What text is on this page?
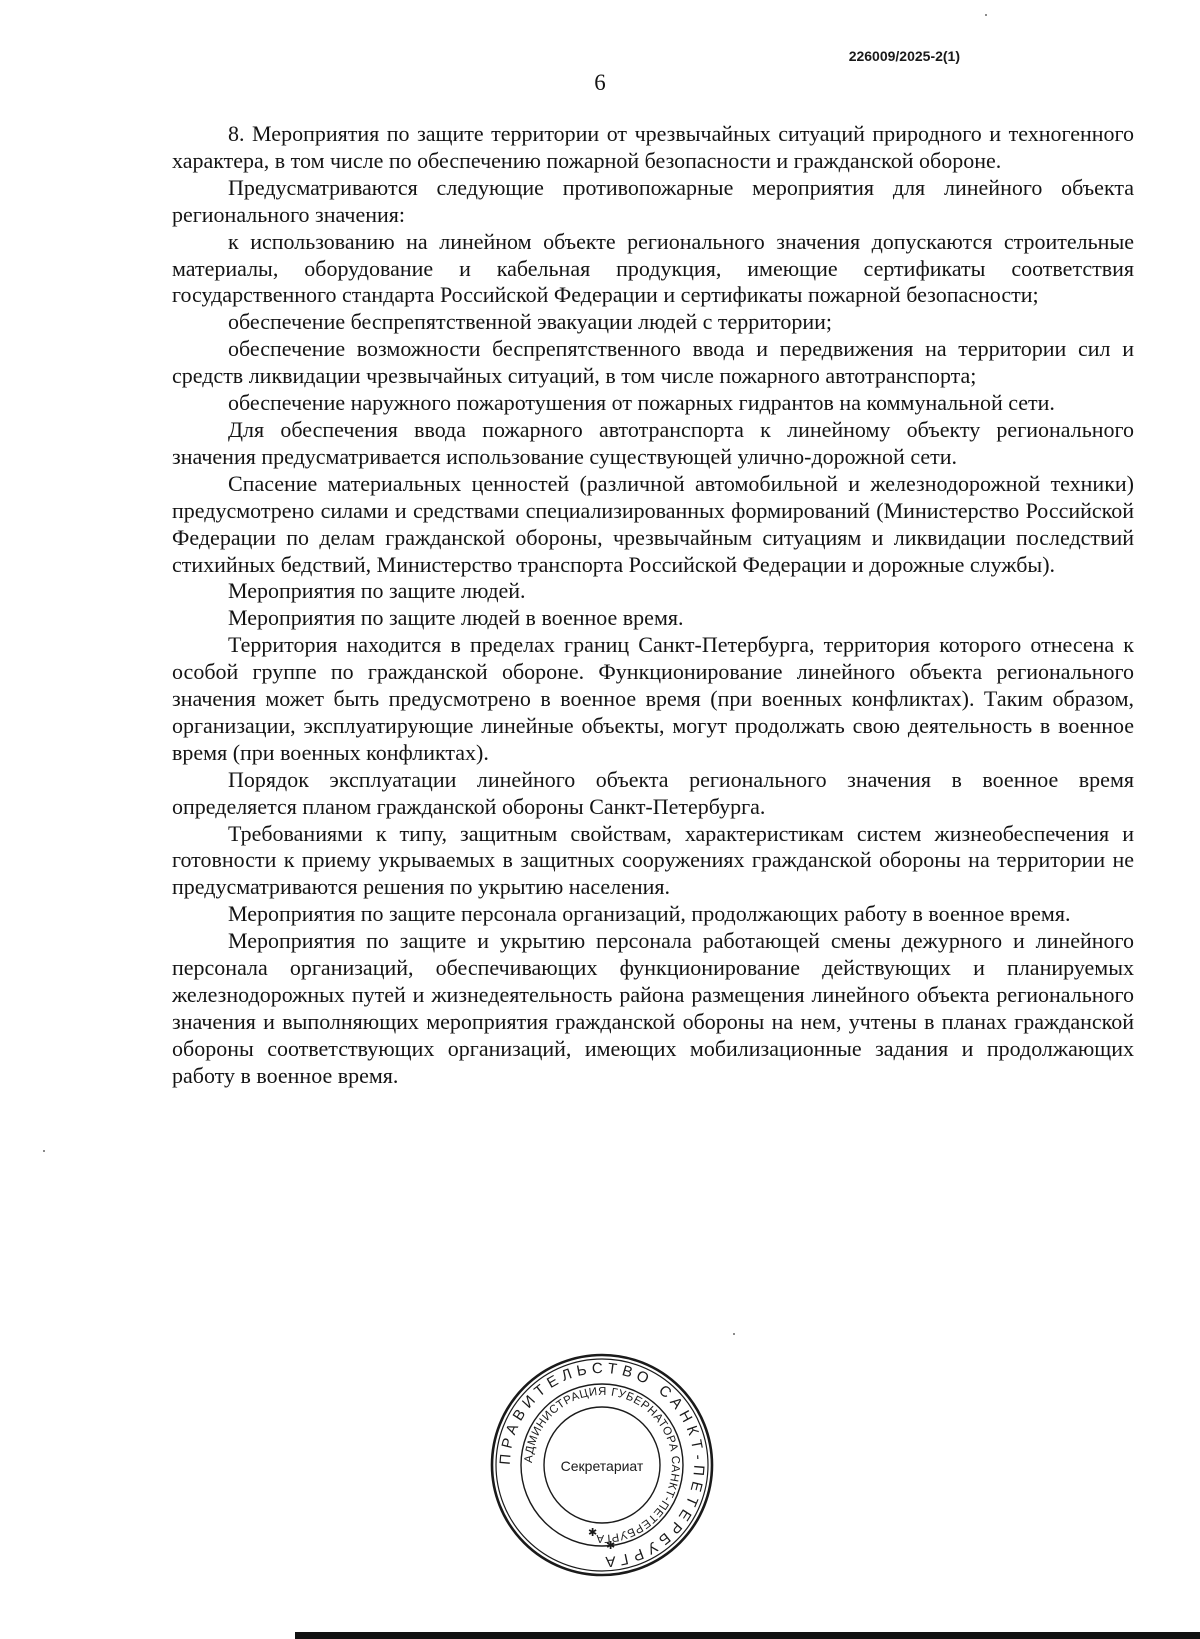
226009/2025-2(1)
6

8. Мероприятия по защите территории от чрезвычайных ситуаций природного и техногенного характера, в том числе по обеспечению пожарной безопасности и гражданской обороне.

Предусматриваются следующие противопожарные мероприятия для линейного объекта регионального значения:

к использованию на линейном объекте регионального значения допускаются строительные материалы, оборудование и кабельная продукция, имеющие сертификаты соответствия государственного стандарта Российской Федерации и сертификаты пожарной безопасности;

обеспечение беспрепятственной эвакуации людей с территории;

обеспечение возможности беспрепятственного ввода и передвижения на территории сил и средств ликвидации чрезвычайных ситуаций, в том числе пожарного автотранспорта;

обеспечение наружного пожаротушения от пожарных гидрантов на коммунальной сети.

Для обеспечения ввода пожарного автотранспорта к линейному объекту регионального значения предусматривается использование существующей улично-дорожной сети.

Спасение материальных ценностей (различной автомобильной и железнодорожной техники) предусмотрено силами и средствами специализированных формирований (Министерство Российской Федерации по делам гражданской обороны, чрезвычайным ситуациям и ликвидации последствий стихийных бедствий, Министерство транспорта Российской Федерации и дорожные службы).

Мероприятия по защите людей.

Мероприятия по защите людей в военное время.

Территория находится в пределах границ Санкт-Петербурга, территория которого отнесена к особой группе по гражданской обороне. Функционирование линейного объекта регионального значения может быть предусмотрено в военное время (при военных конфликтах). Таким образом, организации, эксплуатирующие линейные объекты, могут продолжать свою деятельность в военное время (при военных конфликтах).

Порядок эксплуатации линейного объекта регионального значения в военное время определяется планом гражданской обороны Санкт-Петербурга.

Требованиями к типу, защитным свойствам, характеристикам систем жизнеобеспечения и готовности к приему укрываемых в защитных сооружениях гражданской обороны на территории не предусматриваются решения по укрытию населения.

Мероприятия по защите персонала организаций, продолжающих работу в военное время.

Мероприятия по защите и укрытию персонала работающей смены дежурного и линейного персонала организаций, обеспечивающих функционирование действующих и планируемых железнодорожных путей и жизнедеятельность района размещения линейного объекта регионального значения и выполняющих мероприятия гражданской обороны на нем, учтены в планах гражданской обороны соответствующих организаций, имеющих мобилизационные задания и продолжающих работу в военное время.

ПРАВИТЕЛЬСТВО САНКТ-ПЕТЕРБУРГА
АДМИНИСТРАЦИЯ ГУБЕРНАТОРА САНКТ-ПЕТЕРБУРГА
Секретариат
✱
✱
